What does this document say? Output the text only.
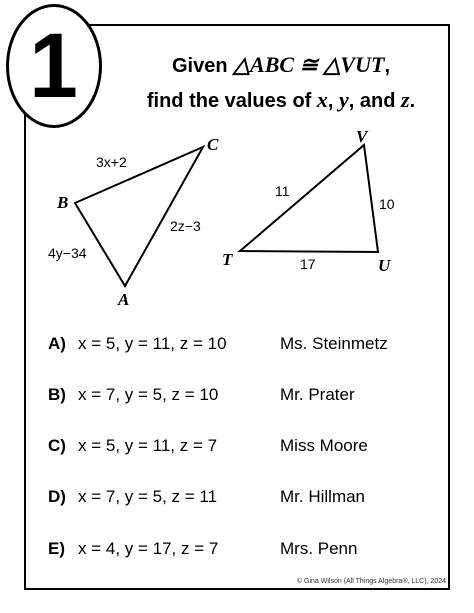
1	Given △ABC ≅ △VUT,
find the values of x, y, and z.
B
C
A
3x+2
2z−3
4y−34
V
T	U
11
10
17
A) x = 5, y = 11, z = 10	Ms. Steinmetz
B) x = 7, y = 5, z = 10	Mr. Prater
C) x = 5, y = 11, z = 7	Miss Moore
D) x = 7, y = 5, z = 11	Mr. Hillman
E) x = 4, y = 17, z = 7	Mrs. Penn
© Gina Wilson (All Things Algebra®, LLC), 2024
